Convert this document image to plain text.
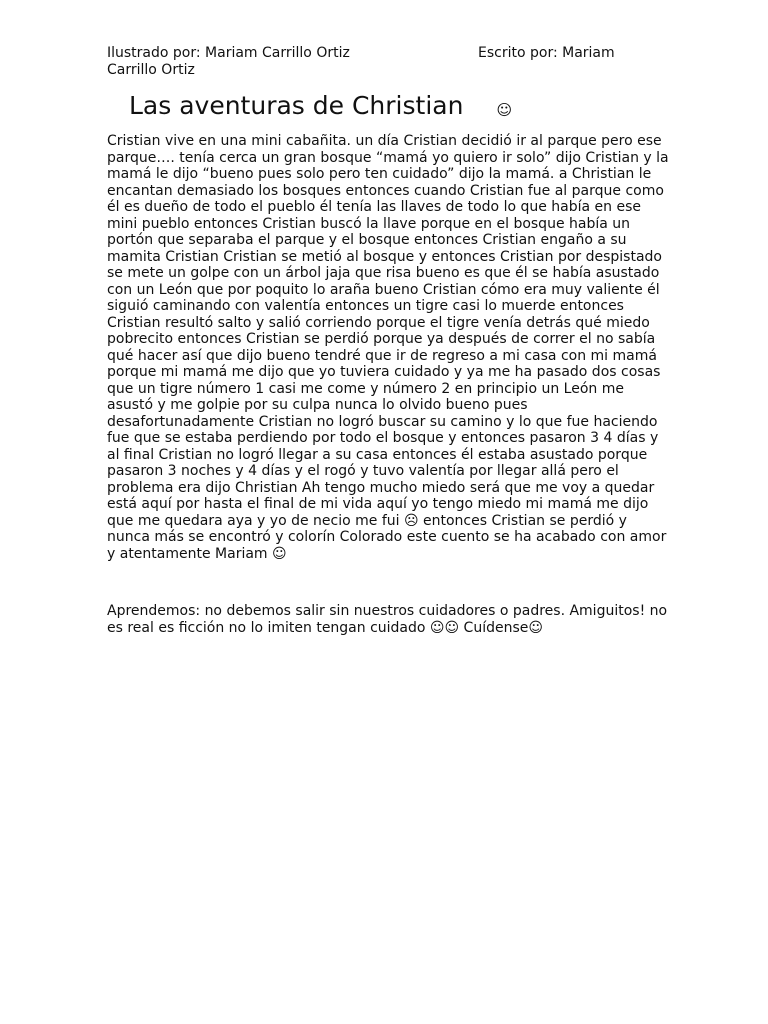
Ilustrado por: Mariam Carrillo Ortiz	Escrito por: Mariam
Carrillo Ortiz
Las aventuras de Christian ☺

Cristian vive en una mini cabañita. un día Cristian decidió ir al parque pero ese parque…. tenía cerca un gran bosque “mamá yo quiero ir solo” dijo Cristian y la mamá le dijo “bueno pues solo pero ten cuidado” dijo la mamá. a Christian le encantan demasiado los bosques entonces cuando Cristian fue al parque como él es dueño de todo el pueblo él tenía las llaves de todo lo que había en ese mini pueblo entonces Cristian buscó la llave porque en el bosque había un portón que separaba el parque y el bosque entonces Cristian engaño a su mamita Cristian Cristian se metió al bosque y entonces Cristian por despistado se mete un golpe con un árbol jaja que risa bueno es que él se había asustado con un León que por poquito lo araña bueno Cristian cómo era muy valiente él siguió caminando con valentía entonces un tigre casi lo muerde entonces Cristian resultó salto y salió corriendo porque el tigre venía detrás qué miedo pobrecito entonces Cristian se perdió porque ya después de correr el no sabía qué hacer así que dijo bueno tendré que ir de regreso a mi casa con mi mamá porque mi mamá me dijo que yo tuviera cuidado y ya me ha pasado dos cosas que un tigre número 1 casi me come y número 2 en principio un León me asustó y me golpie por su culpa nunca lo olvido bueno pues desafortunadamente Cristian no logró buscar su camino y lo que fue haciendo fue que se estaba perdiendo por todo el bosque y entonces pasaron 3 4 días y al final Cristian no logró llegar a su casa entonces él estaba asustado porque pasaron 3 noches y 4 días y el rogó y tuvo valentía por llegar allá pero el problema era dijo Christian Ah tengo mucho miedo será que me voy a quedar está aquí por hasta el final de mi vida aquí yo tengo miedo mi mamá me dijo que me quedara aya y yo de necio me fui ☹ entonces Cristian se perdió y nunca más se encontró y colorín Colorado este cuento se ha acabado con amor y atentamente Mariam ☺

Aprendemos: no debemos salir sin nuestros cuidadores o padres. Amiguitos! no es real es ficción no lo imiten tengan cuidado ☺☺ Cuídense☺
